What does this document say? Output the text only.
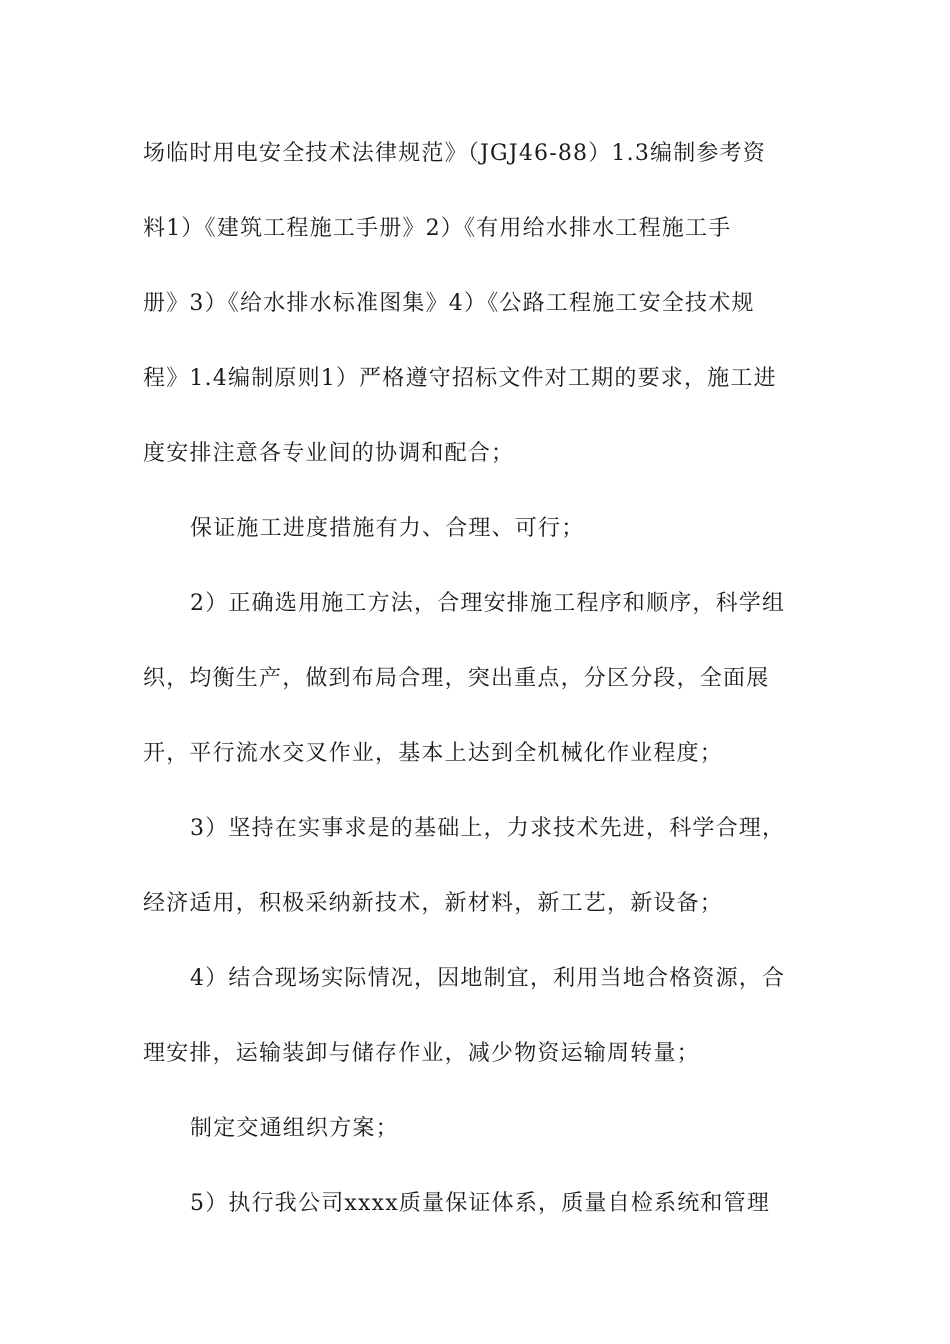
场临时用电安全技术法律规范》（JGJ46-88）1.3编制参考资
料1）《建筑工程施工手册》2）《有用给水排水工程施工手
册》3）《给水排水标准图集》4）《公路工程施工安全技术规
程》1.4编制原则1）严格遵守招标文件对工期的要求，施工进
度安排注意各专业间的协调和配合；
保证施工进度措施有力、合理、可行；
2）正确选用施工方法，合理安排施工程序和顺序，科学组
织，均衡生产，做到布局合理，突出重点，分区分段，全面展
开，平行流水交叉作业，基本上达到全机械化作业程度；
3）坚持在实事求是的基础上，力求技术先进，科学合理，
经济适用，积极采纳新技术，新材料，新工艺，新设备；
4）结合现场实际情况，因地制宜，利用当地合格资源，合
理安排，运输装卸与储存作业，减少物资运输周转量；
制定交通组织方案；
5）执行我公司xxxx质量保证体系，质量自检系统和管理
